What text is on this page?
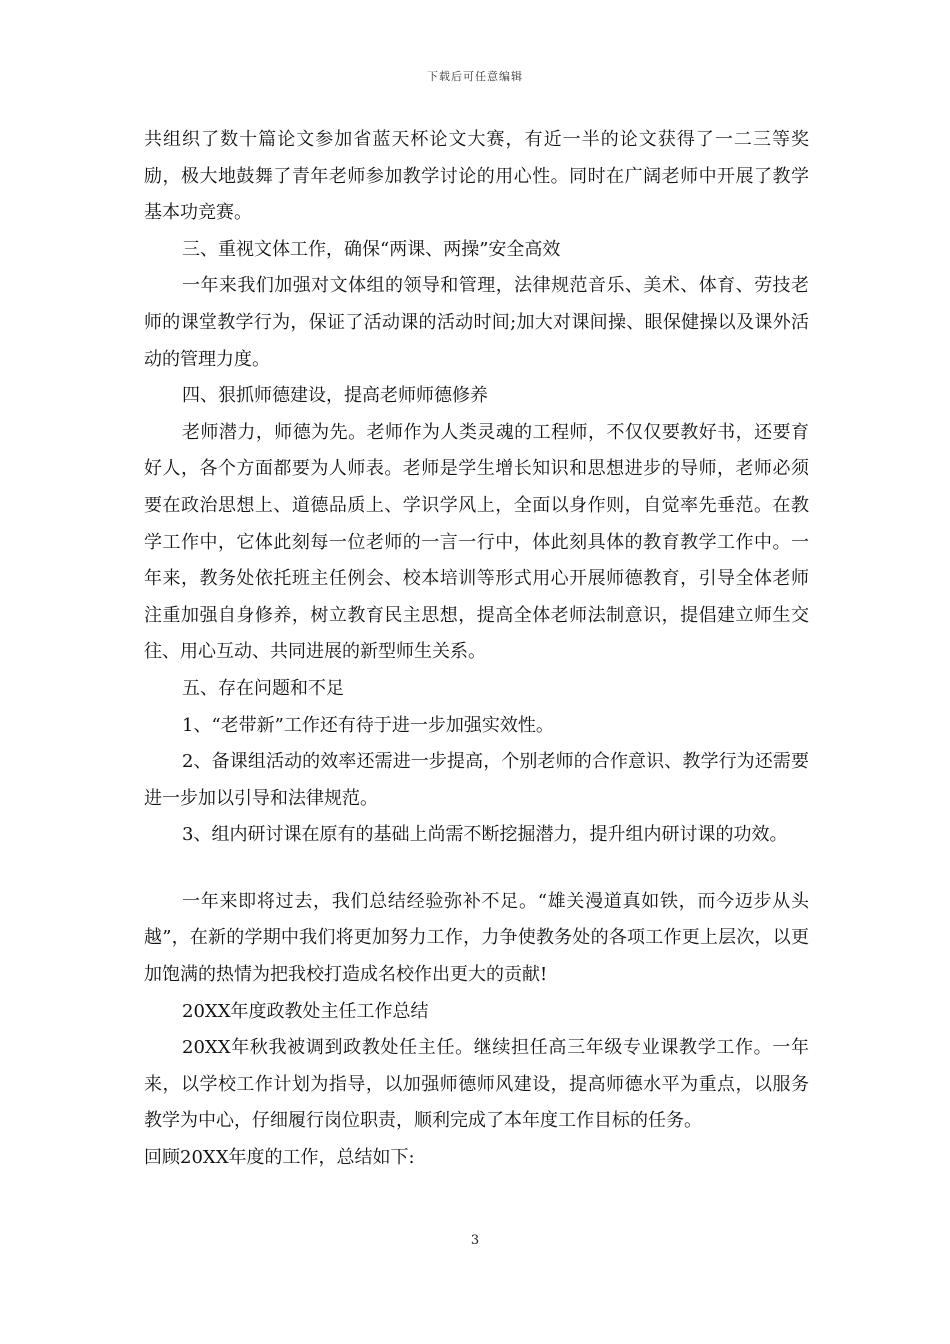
下载后可任意编辑

共组织了数十篇论文参加省蓝天杯论文大赛，有近一半的论文获得了一二三等奖励，极大地鼓舞了青年老师参加教学讨论的用心性。同时在广阔老师中开展了教学基本功竞赛。

三、重视文体工作，确保“两课、两操”安全高效

一年来我们加强对文体组的领导和管理，法律规范音乐、美术、体育、劳技老师的课堂教学行为，保证了活动课的活动时间;加大对课间操、眼保健操以及课外活动的管理力度。

四、狠抓师德建设，提高老师师德修养

老师潜力，师德为先。老师作为人类灵魂的工程师，不仅仅要教好书，还要育好人，各个方面都要为人师表。老师是学生增长知识和思想进步的导师，老师必须要在政治思想上、道德品质上、学识学风上，全面以身作则，自觉率先垂范。在教学工作中，它体此刻每一位老师的一言一行中，体此刻具体的教育教学工作中。一年来，教务处依托班主任例会、校本培训等形式用心开展师德教育，引导全体老师注重加强自身修养，树立教育民主思想，提高全体老师法制意识，提倡建立师生交往、用心互动、共同进展的新型师生关系。

五、存在问题和不足

1、“老带新”工作还有待于进一步加强实效性。

2、备课组活动的效率还需进一步提高，个别老师的合作意识、教学行为还需要进一步加以引导和法律规范。

3、组内研讨课在原有的基础上尚需不断挖掘潜力，提升组内研讨课的功效。

一年来即将过去，我们总结经验弥补不足。“雄关漫道真如铁，而今迈步从头越”，在新的学期中我们将更加努力工作，力争使教务处的各项工作更上层次，以更加饱满的热情为把我校打造成名校作出更大的贡献!

20XX年度政教处主任工作总结

20XX年秋我被调到政教处任主任。继续担任高三年级专业课教学工作。一年来，以学校工作计划为指导，以加强师德师风建设，提高师德水平为重点，以服务教学为中心，仔细履行岗位职责，顺利完成了本年度工作目标的任务。

回顾20XX年度的工作，总结如下:

3
